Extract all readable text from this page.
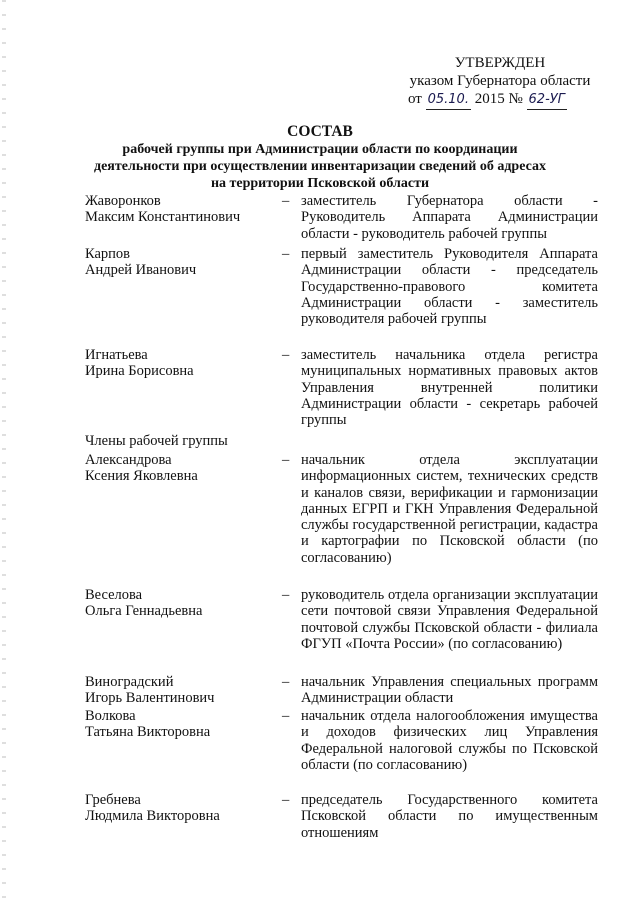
УТВЕРЖДЕН
указом Губернатора области
от 05.10. 2015 № 62-УГ
СОСТАВ
рабочей группы при Администрации области по координации
деятельности при осуществлении инвентаризации сведений об адресах
на территории Псковской области
Жаворонков
Максим Константинович
– заместитель Губернатора области - Руководитель Аппарата Администрации области - руководитель рабочей группы
Карпов
Андрей Иванович
– первый заместитель Руководителя Аппарата Администрации области - председатель Государственно-правового комитета Администрации области - заместитель руководителя рабочей группы
Игнатьева
Ирина Борисовна
– заместитель начальника отдела регистра муниципальных нормативных правовых актов Управления внутренней политики Администрации области - секретарь рабочей группы
Члены рабочей группы
Александрова
Ксения Яковлевна
– начальник отдела эксплуатации информационных систем, технических средств и каналов связи, верификации и гармонизации данных ЕГРП и ГКН Управления Федеральной службы государственной регистрации, кадастра и картографии по Псковской области (по согласованию)
Веселова
Ольга Геннадьевна
– руководитель отдела организации эксплуатации сети почтовой связи Управления Федеральной почтовой службы Псковской области - филиала ФГУП «Почта России» (по согласованию)
Виноградский
Игорь Валентинович
– начальник Управления специальных программ Администрации области
Волкова
Татьяна Викторовна
– начальник отдела налогообложения имущества и доходов физических лиц Управления Федеральной налоговой службы по Псковской области (по согласованию)
Гребнева
Людмила Викторовна
– председатель Государственного комитета Псковской области по имущественным отношениям
